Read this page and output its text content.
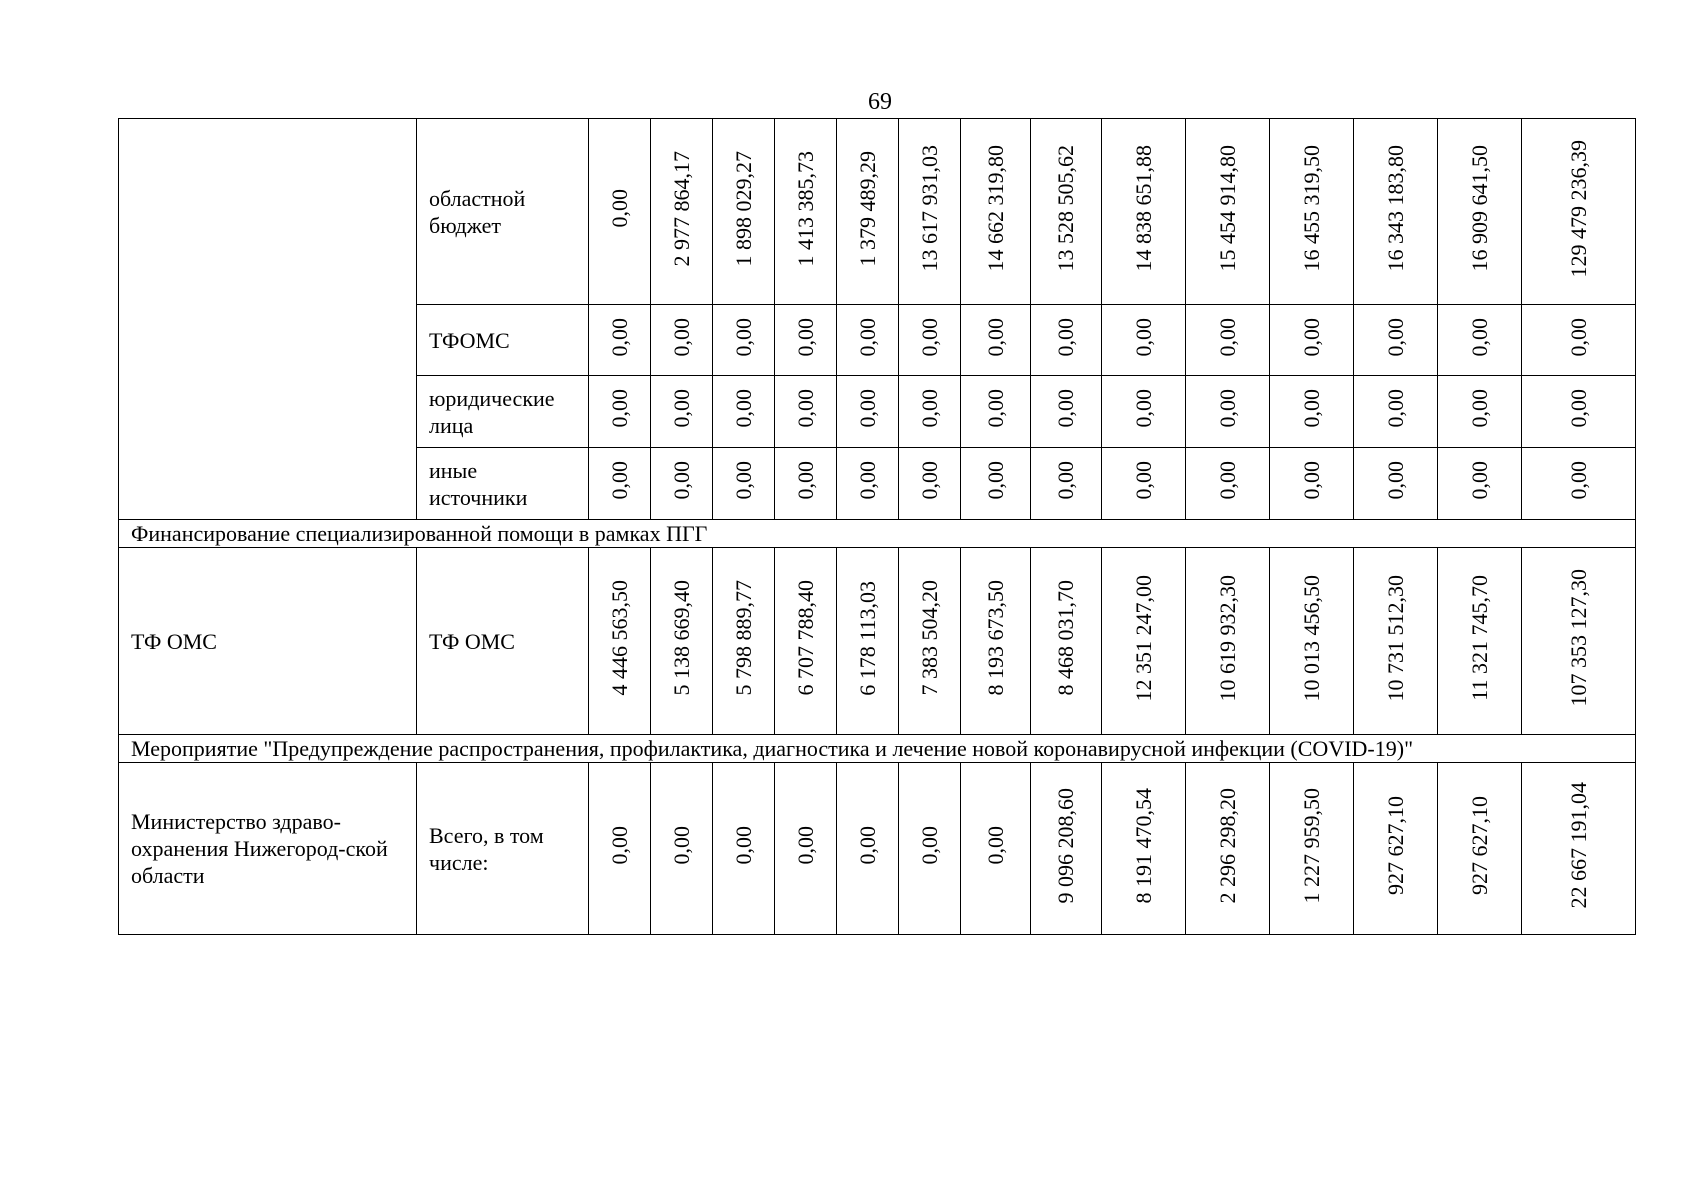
69
	областной бюджет	0,00	2 977 864,17	1 898 029,27	1 413 385,73	1 379 489,29	13 617 931,03	14 662 319,80	13 528 505,62	14 838 651,88	15 454 914,80	16 455 319,50	16 343 183,80	16 909 641,50	129 479 236,39
	ТФОМС	0,00	0,00	0,00	0,00	0,00	0,00	0,00	0,00	0,00	0,00	0,00	0,00	0,00	0,00
	юридические лица	0,00	0,00	0,00	0,00	0,00	0,00	0,00	0,00	0,00	0,00	0,00	0,00	0,00	0,00
	иные источники	0,00	0,00	0,00	0,00	0,00	0,00	0,00	0,00	0,00	0,00	0,00	0,00	0,00	0,00
Финансирование специализированной помощи в рамках ПГГ															
ТФ ОМС	ТФ ОМС	4 446 563,50	5 138 669,40	5 798 889,77	6 707 788,40	6 178 113,03	7 383 504,20	8 193 673,50	8 468 031,70	12 351 247,00	10 619 932,30	10 013 456,50	10 731 512,30	11 321 745,70	107 353 127,30
Мероприятие "Предупреждение распространения, профилактика, диагностика и лечение новой коронавирусной инфекции (COVID-19)"															
Министерство здраво-охранения Нижегород-ской области	Всего, в том числе:	0,00	0,00	0,00	0,00	0,00	0,00	0,00	9 096 208,60	8 191 470,54	2 296 298,20	1 227 959,50	927 627,10	927 627,10	22 667 191,04
